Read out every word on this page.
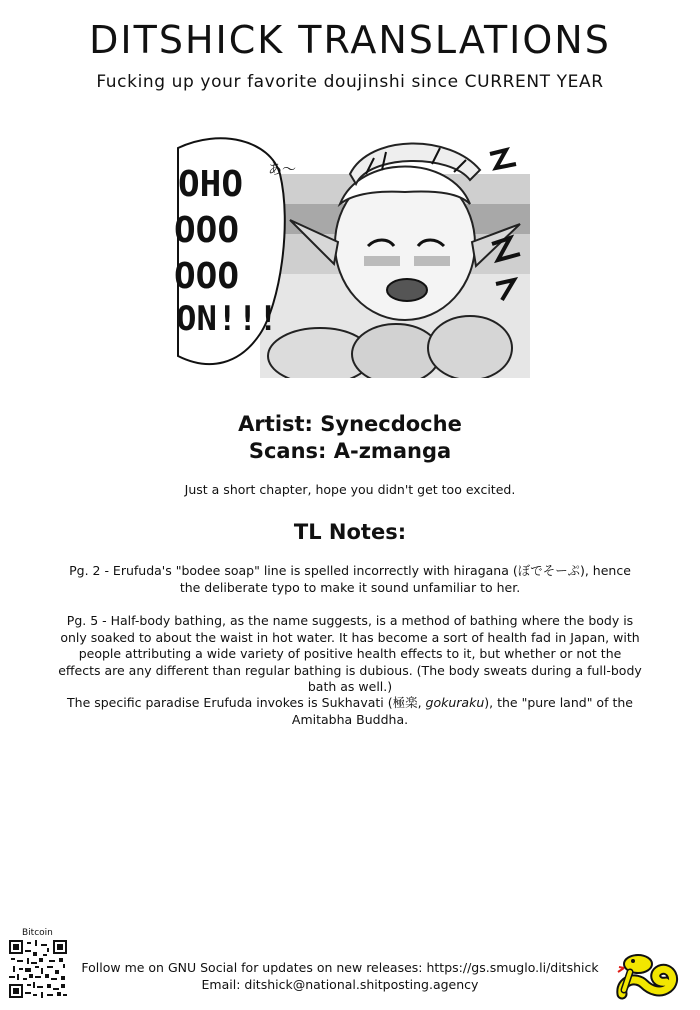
DITSHICK TRANSLATIONS
Fucking up your favorite doujinshi since CURRENT YEAR
OHO
OOO
OOO
ON!!!
あ〜
Artist: Synecdoche
Scans: A-zmanga
Just a short chapter, hope you didn't get too excited.
TL Notes:

Pg. 2 - Erufuda's "bodee soap" line is spelled incorrectly with hiragana (ぼでそーぷ), hence the deliberate typo to make it sound unfamiliar to her.

Pg. 5 - Half-body bathing, as the name suggests, is a method of bathing where the body is only soaked to about the waist in hot water. It has become a sort of health fad in Japan, with people attributing a wide variety of positive health effects to it, but whether or not the effects are any different than regular bathing is dubious. (The body sweats during a full-body bath as well.)

The specific paradise Erufuda invokes is Sukhavati (極楽, gokuraku), the "pure land" of the Amitabha Buddha.

Bitcoin
Follow me on GNU Social for updates on new releases: https://gs.smuglo.li/ditshick
Email: ditshick@national.shitposting.agency
